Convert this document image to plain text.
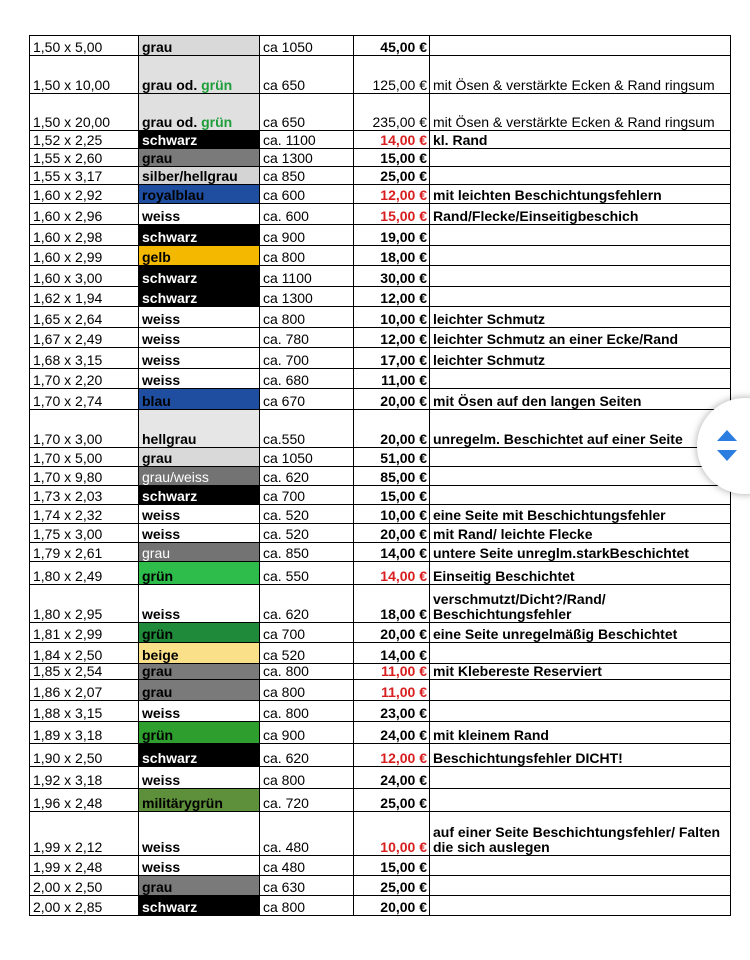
1,50 x 5,00	grau	ca 1050	45,00 €	
1,50 x 10,00	grau od. grün	ca 650	125,00 €	mit Ösen & verstärkte Ecken & Rand ringsum
1,50 x 20,00	grau od. grün	ca 650	235,00 €	mit Ösen & verstärkte Ecken & Rand ringsum
1,52 x 2,25	schwarz	ca. 1100	14,00 €	kl. Rand
1,55 x 2,60	grau	ca 1300	15,00 €	
1,55 x 3,17	silber/hellgrau	ca 850	25,00 €	
1,60 x 2,92	royalblau	ca 600	12,00 €	mit leichten Beschichtungsfehlern
1,60 x 2,96	weiss	ca. 600	15,00 €	Rand/Flecke/Einseitigbeschich
1,60 x 2,98	schwarz	ca 900	19,00 €	
1,60 x 2,99	gelb	ca 800	18,00 €	
1,60 x 3,00	schwarz	ca 1100	30,00 €	
1,62 x 1,94	schwarz	ca 1300	12,00 €	
1,65 x 2,64	weiss	ca 800	10,00 €	leichter Schmutz
1,67 x 2,49	weiss	ca. 780	12,00 €	leichter Schmutz an einer Ecke/Rand
1,68 x 3,15	weiss	ca. 700	17,00 €	leichter Schmutz
1,70 x 2,20	weiss	ca. 680	11,00 €	
1,70 x 2,74	blau	ca 670	20,00 €	mit Ösen auf den langen Seiten
1,70 x 3,00	hellgrau	ca.550	20,00 €	unregelm. Beschichtet auf einer Seite
1,70 x 5,00	grau	ca 1050	51,00 €	
1,70 x 9,80	grau/weiss	ca. 620	85,00 €	
1,73 x 2,03	schwarz	ca 700	15,00 €	
1,74 x 2,32	weiss	ca. 520	10,00 €	eine Seite mit Beschichtungsfehler
1,75 x 3,00	weiss	ca. 520	20,00 €	mit Rand/ leichte Flecke
1,79 x 2,61	grau	ca. 850	14,00 €	untere Seite unreglm.starkBeschichtet
1,80 x 2,49	grün	ca. 550	14,00 €	Einseitig Beschichtet
1,80 x 2,95	weiss	ca. 620	18,00 €	verschmutzt/Dicht?/Rand/ Beschichtungsfehler
1,81 x 2,99	grün	ca 700	20,00 €	eine Seite unregelmäßig Beschichtet
1,84 x 2,50	beige	ca 520	14,00 €	
1,85 x 2,54	grau	ca. 800	11,00 €	mit Klebereste Reserviert
1,86 x 2,07	grau	ca 800	11,00 €	
1,88 x 3,15	weiss	ca. 800	23,00 €	
1,89 x 3,18	grün	ca 900	24,00 €	mit kleinem Rand
1,90 x 2,50	schwarz	ca. 620	12,00 €	Beschichtungsfehler DICHT!
1,92 x 3,18	weiss	ca 800	24,00 €	
1,96 x 2,48	militärygrün	ca. 720	25,00 €	
1,99 x 2,12	weiss	ca. 480	10,00 €	auf einer Seite Beschichtungsfehler/ Falten die sich auslegen
1,99 x 2,48	weiss	ca 480	15,00 €	
2,00 x 2,50	grau	ca 630	25,00 €	
2,00 x 2,85	schwarz	ca 800	20,00 €	
